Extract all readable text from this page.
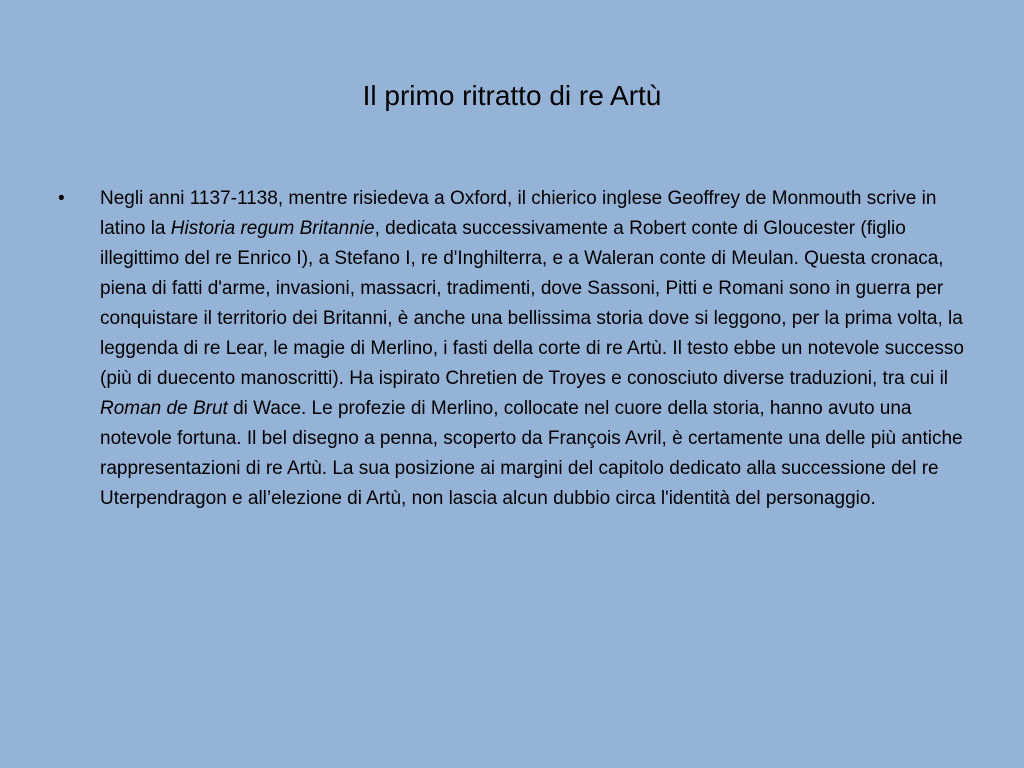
Il primo ritratto di re Artù
•	Negli anni 1137-1138, mentre risiedeva a Oxford, il chierico inglese Geoffrey de Monmouth scrive in latino la Historia regum Britannie, dedicata successivamente a Robert conte di Gloucester (figlio illegittimo del re Enrico I), a Stefano I, re d'Inghilterra, e a Waleran conte di Meulan. Questa cronaca, piena di fatti d'arme, invasioni, massacri, tradimenti, dove Sassoni, Pitti e Romani sono in guerra per conquistare il territorio dei Britanni, è anche una bellissima storia dove si leggono, per la prima volta, la leggenda di re Lear, le magie di Merlino, i fasti della corte di re Artù. Il testo ebbe un notevole successo (più di duecento manoscritti). Ha ispirato Chretien de Troyes e conosciuto diverse traduzioni, tra cui il Roman de Brut di Wace. Le profezie di Merlino, collocate nel cuore della storia, hanno avuto una notevole fortuna. Il bel disegno a penna, scoperto da François Avril, è certamente una delle più antiche rappresentazioni di re Artù. La sua posizione ai margini del capitolo dedicato alla successione del re Uterpendragon e all’elezione di Artù, non lascia alcun dubbio circa l'identità del personaggio.
